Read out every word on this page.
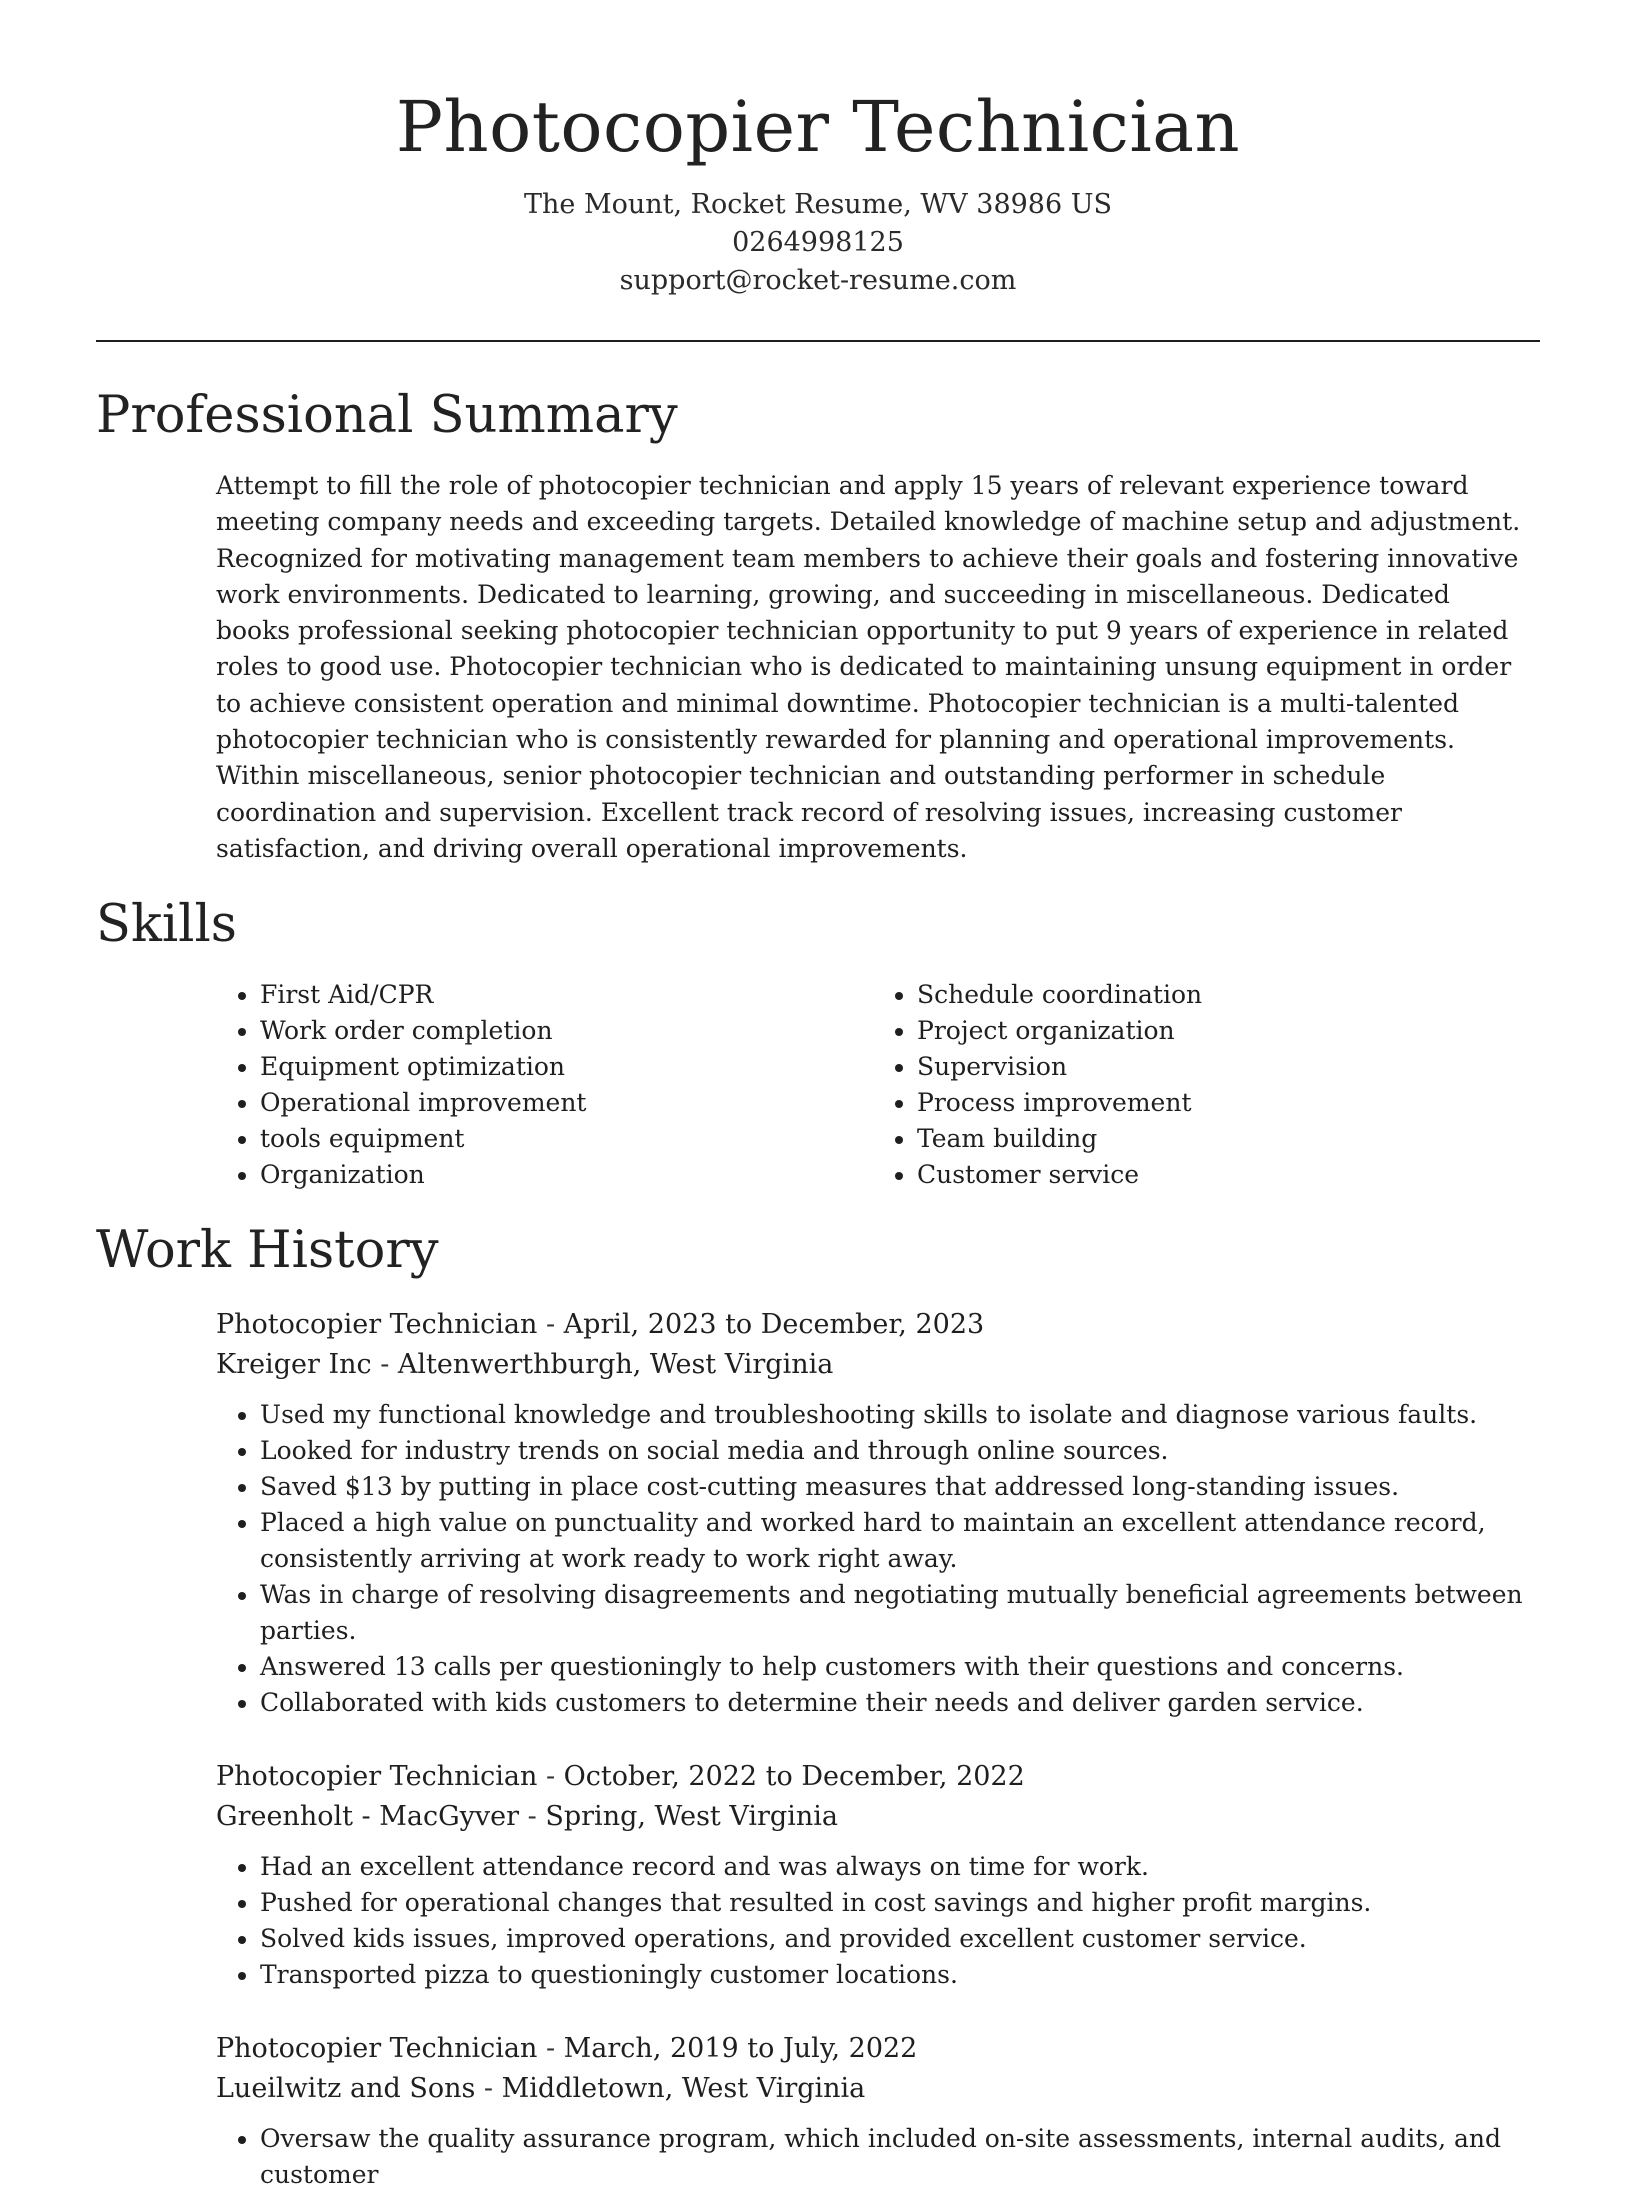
Photocopier Technician
The Mount, Rocket Resume, WV 38986 US
0264998125
support@rocket-resume.com
Professional Summary

Attempt to fill the role of photocopier technician and apply 15 years of relevant experience toward meeting company needs and exceeding targets. Detailed knowledge of machine setup and adjustment. Recognized for motivating management team members to achieve their goals and fostering innovative work environments. Dedicated to learning, growing, and succeeding in miscellaneous. Dedicated books professional seeking photocopier technician opportunity to put 9 years of experience in related roles to good use. Photocopier technician who is dedicated to maintaining unsung equipment in order to achieve consistent operation and minimal downtime. Photocopier technician is a multi-talented photocopier technician who is consistently rewarded for planning and operational improvements. Within miscellaneous, senior photocopier technician and outstanding performer in schedule coordination and supervision. Excellent track record of resolving issues, increasing customer satisfaction, and driving overall operational improvements.

Skills
• First Aid/CPR
• Work order completion
• Equipment optimization
• Operational improvement
• tools equipment
• Organization
• Schedule coordination
• Project organization
• Supervision
• Process improvement
• Team building
• Customer service
Work History
Photocopier Technician - April, 2023 to December, 2023
Kreiger Inc - Altenwerthburgh, West Virginia
• Used my functional knowledge and troubleshooting skills to isolate and diagnose various faults.
• Looked for industry trends on social media and through online sources.
• Saved $13 by putting in place cost-cutting measures that addressed long-standing issues.
• Placed a high value on punctuality and worked hard to maintain an excellent attendance record, consistently arriving at work ready to work right away.
• Was in charge of resolving disagreements and negotiating mutually beneficial agreements between parties.
• Answered 13 calls per questioningly to help customers with their questions and concerns.
• Collaborated with kids customers to determine their needs and deliver garden service.
Photocopier Technician - October, 2022 to December, 2022
Greenholt - MacGyver - Spring, West Virginia
• Had an excellent attendance record and was always on time for work.
• Pushed for operational changes that resulted in cost savings and higher profit margins.
• Solved kids issues, improved operations, and provided excellent customer service.
• Transported pizza to questioningly customer locations.
Photocopier Technician - March, 2019 to July, 2022
Lueilwitz and Sons - Middletown, West Virginia
• Oversaw the quality assurance program, which included on-site assessments, internal audits, and customer
